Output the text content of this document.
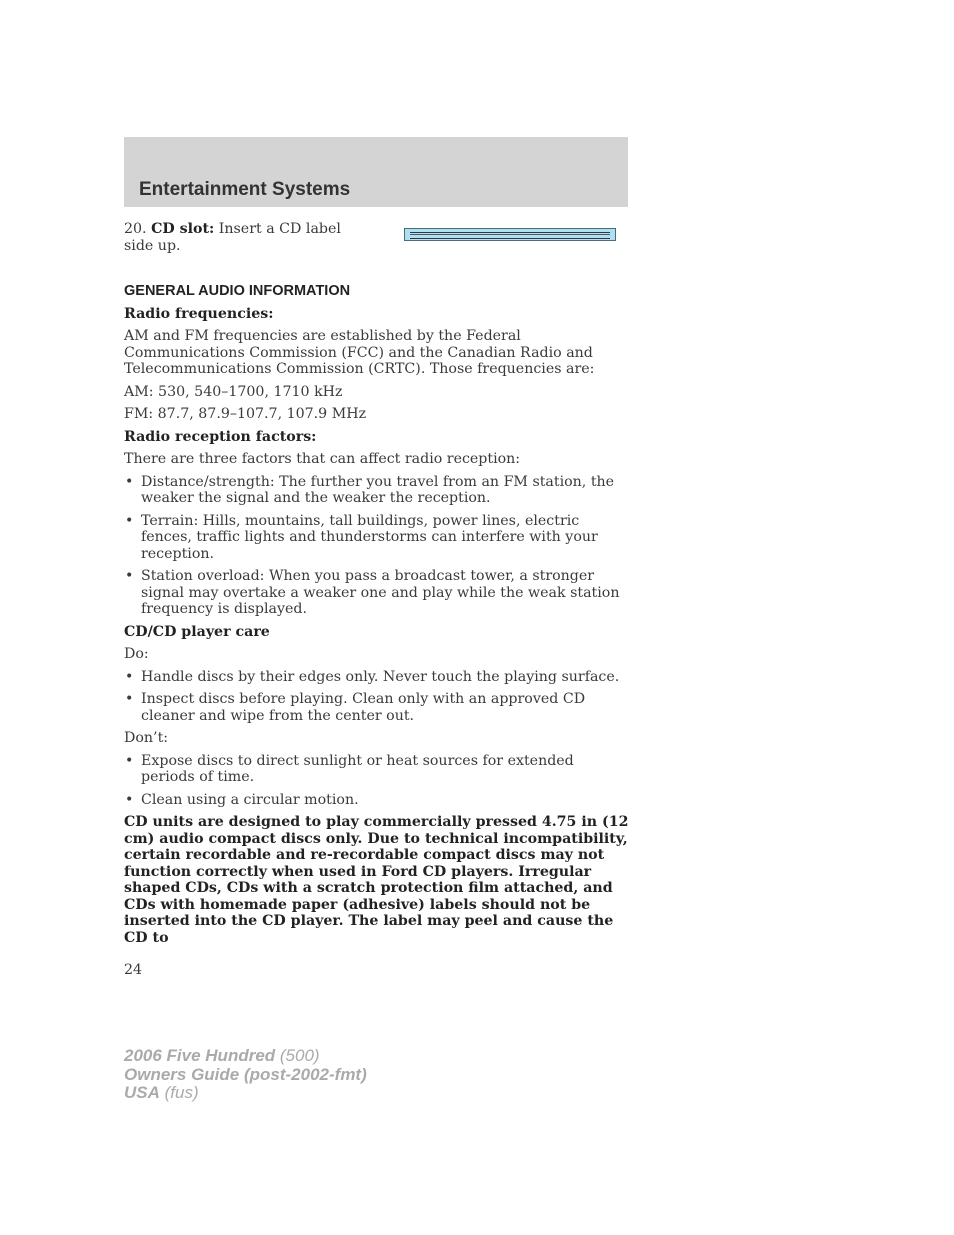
Entertainment Systems
20. CD slot: Insert a CD label side up.
GENERAL AUDIO INFORMATION

Radio frequencies:

AM and FM frequencies are established by the Federal Communications Commission (FCC) and the Canadian Radio and Telecommunications Commission (CRTC). Those frequencies are:

AM: 530, 540–1700, 1710 kHz

FM: 87.7, 87.9–107.7, 107.9 MHz

Radio reception factors:

There are three factors that can affect radio reception:

• Distance/strength: The further you travel from an FM station, the weaker the signal and the weaker the reception.
• Terrain: Hills, mountains, tall buildings, power lines, electric fences, traffic lights and thunderstorms can interfere with your reception.
• Station overload: When you pass a broadcast tower, a stronger signal may overtake a weaker one and play while the weak station frequency is displayed.

CD/CD player care

Do:

• Handle discs by their edges only. Never touch the playing surface.
• Inspect discs before playing. Clean only with an approved CD cleaner and wipe from the center out.

Don’t:

• Expose discs to direct sunlight or heat sources for extended periods of time.
• Clean using a circular motion.

CD units are designed to play commercially pressed 4.75 in (12 cm) audio compact discs only. Due to technical incompatibility, certain recordable and re-recordable compact discs may not function correctly when used in Ford CD players. Irregular shaped CDs, CDs with a scratch protection film attached, and CDs with homemade paper (adhesive) labels should not be inserted into the CD player. The label may peel and cause the CD to

24
2006 Five Hundred (500)
Owners Guide (post-2002-fmt)
USA (fus)
